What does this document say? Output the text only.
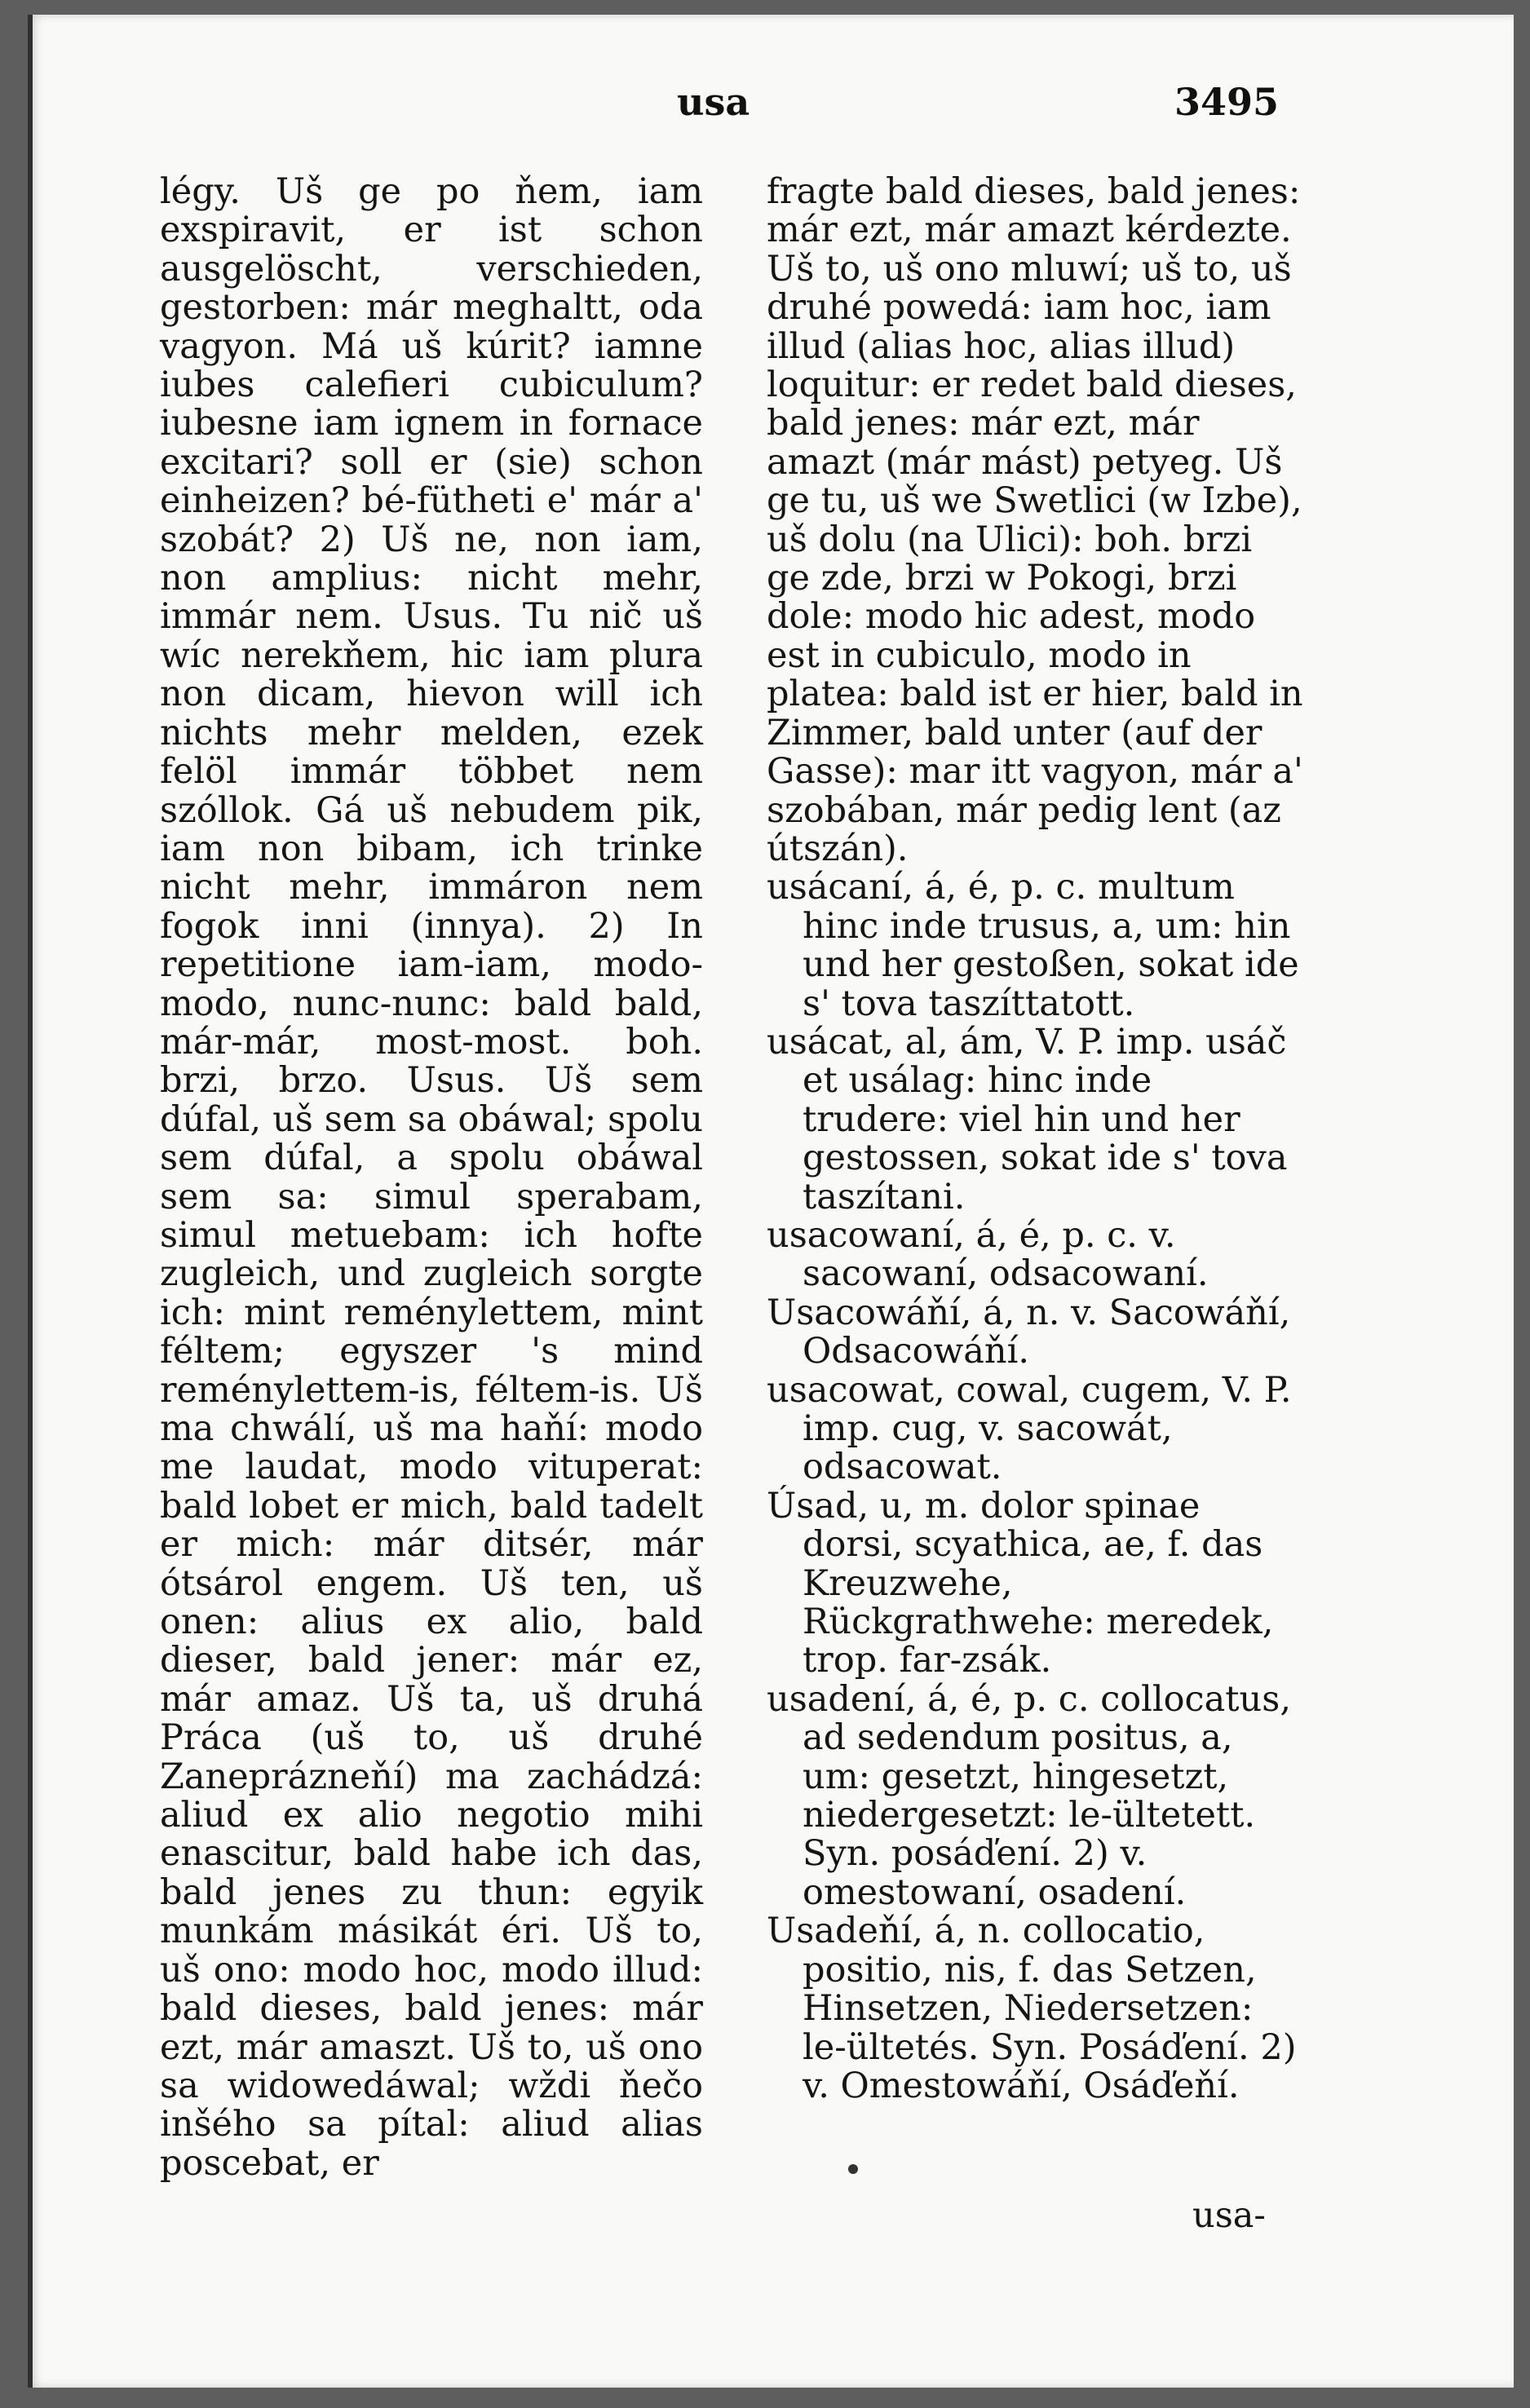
usa	3495

légy. Uš ge po ňem, iam exspiravit, er ist schon ausgelöscht, verschieden, gestorben: már meghaltt, oda vagyon. Má uš kúrit? iamne iubes calefieri cubiculum? iubesne iam ignem in fornace excitari? soll er (sie) schon einheizen? bé-fütheti e' már a' szobát? 2) Uš ne, non iam, non amplius: nicht mehr, immár nem. Usus. Tu nič uš wíc nerekňem, hic iam plura non dicam, hievon will ich nichts mehr melden, ezek felöl immár többet nem szóllok. Gá uš nebudem pik, iam non bibam, ich trinke nicht mehr, immáron nem fogok inni (innya). 2) In repetitione iam-iam, modo-modo, nunc-nunc: bald bald, már-már, most-most. boh. brzi, brzo. Usus. Uš sem dúfal, uš sem sa obáwal; spolu sem dúfal, a spolu obáwal sem sa: simul sperabam, simul metuebam: ich hofte zugleich, und zugleich sorgte ich: mint reménylettem, mint féltem; egyszer 's mind reménylettem-is, féltem-is. Uš ma chwálí, uš ma haňí: modo me laudat, modo vituperat: bald lobet er mich, bald tadelt er mich: már ditsér, már ótsárol engem. Uš ten, uš onen: alius ex alio, bald dieser, bald jener: már ez, már amaz. Uš ta, uš druhá Práca (uš to, uš druhé Zaneprázneňí) ma zachádzá: aliud ex alio negotio mihi enascitur, bald habe ich das, bald jenes zu thun: egyik munkám másikát éri. Uš to, uš ono: modo hoc, modo illud: bald dieses, bald jenes: már ezt, már amaszt. Uš to, uš ono sa widowedáwal; wždi ňečo inšého sa pítal: aliud alias poscebat, er

fragte bald dieses, bald jenes: már ezt, már amazt kérdezte. Uš to, uš ono mluwí; uš to, uš druhé powedá: iam hoc, iam illud (alias hoc, alias illud) loquitur: er redet bald dieses, bald jenes: már ezt, már amazt (már mást) petyeg. Uš ge tu, uš we Swetlici (w Izbe), uš dolu (na Ulici): boh. brzi ge zde, brzi w Pokogi, brzi dole: modo hic adest, modo est in cubiculo, modo in platea: bald ist er hier, bald in Zimmer, bald unter (auf der Gasse): mar itt vagyon, már a' szobában, már pedig lent (az útszán).

usácaní, á, é, p. c. multum hinc inde trusus, a, um: hin und her gestoßen, sokat ide s' tova taszíttatott.

usácat, al, ám, V. P. imp. usáč et usálag: hinc inde trudere: viel hin und her gestossen, sokat ide s' tova taszítani.

usacowaní, á, é, p. c. v. sacowaní, odsacowaní.

Usacowáňí, á, n. v. Sacowáňí, Odsacowáňí.

usacowat, cowal, cugem, V. P. imp. cug, v. sacowát, odsacowat.

Úsad, u, m. dolor spinae dorsi, scyathica, ae, f. das Kreuzwehe, Rückgrathwehe: meredek, trop. far-zsák.

usadení, á, é, p. c. collocatus, ad sedendum positus, a, um: gesetzt, hingesetzt, niedergesetzt: le-ültetett. Syn. posáďení. 2) v. omestowaní, osadení.

Usadeňí, á, n. collocatio, positio, nis, f. das Setzen, Hinsetzen, Niedersetzen: le-ültetés. Syn. Posáďení. 2) v. Omestowáňí, Osáďeňí.

usa-
